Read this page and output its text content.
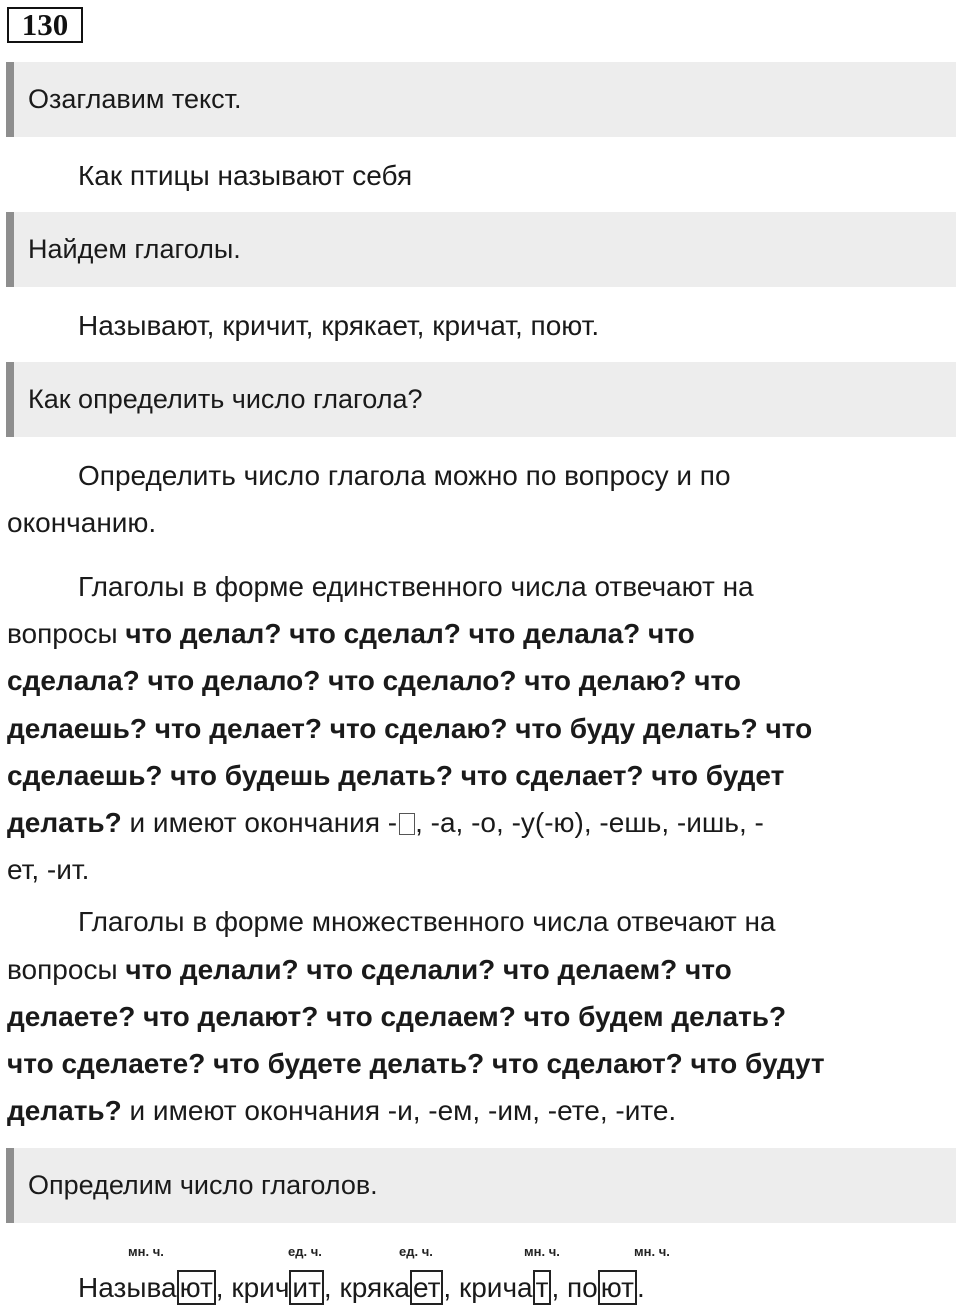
130
Озаглавим текст.
Как птицы называют себя
Найдем глаголы.
Называют, кричит, крякает, кричат, поют.
Как определить число глагола?
Определить число глагола можно по вопросу и по
окончанию.
Глаголы в форме единственного числа отвечают на
вопросы что делал? что сделал? что делала? что
сделала? что делало? что сделало? что делаю? что
делаешь? что делает? что сделаю? что буду делать? что
сделаешь? что будешь делать? что сделает? что будет
делать? и имеют окончания - , -а, -о, -у(-ю), -ешь, -ишь, -
ет, -ит.
Глаголы в форме множественного числа отвечают на
вопросы что делали? что сделали? что делаем? что
делаете? что делают? что сделаем? что будем делать?
что сделаете? что будете делать? что сделают? что будут
делать? и имеют окончания -и, -ем, -им, -ете, -ите.
Определим число глаголов.
мн. ч.	ед. ч.	ед. ч.	мн. ч.	мн. ч.
Называ ют , крич ит , крякa ет , крича т , по ют .
